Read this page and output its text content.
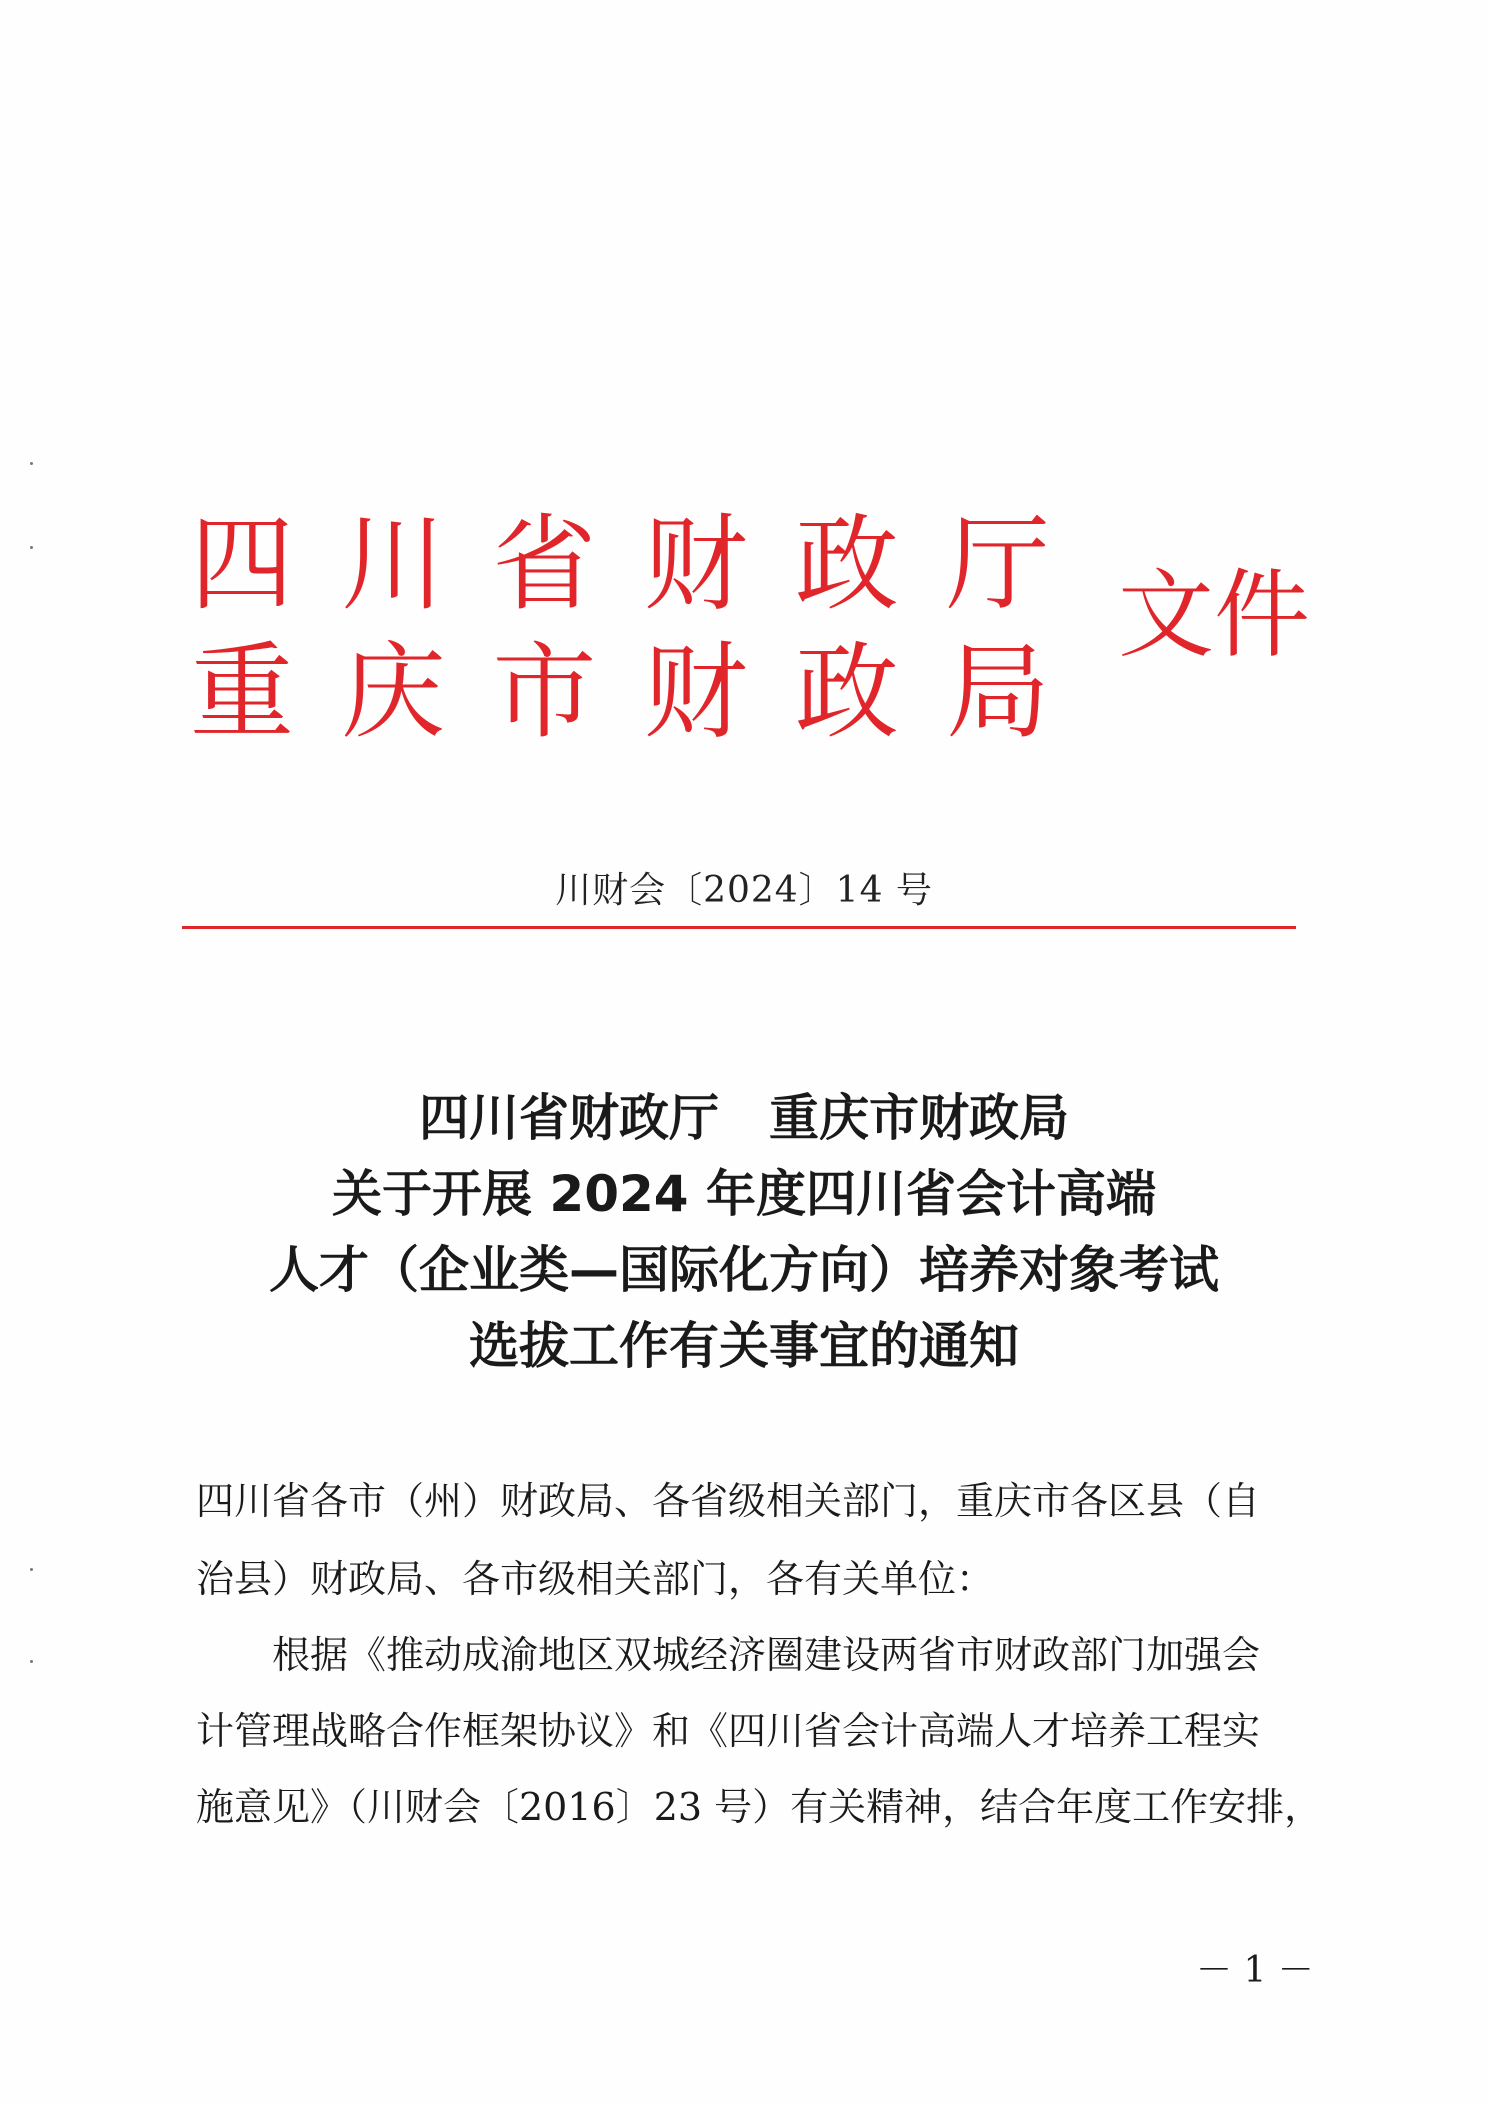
四 川 省 财 政 厅
重 庆 市 财 政 局
文件
川财会〔2024〕14 号
四川省财政厅　重庆市财政局
关于开展 2024 年度四川省会计高端
人才（企业类—国际化方向）培养对象考试
选拔工作有关事宜的通知
四川省各市（州）财政局、各省级相关部门，重庆市各区县（自
治县）财政局、各市级相关部门，各有关单位：
　　根据《推动成渝地区双城经济圈建设两省市财政部门加强会
计管理战略合作框架协议》和《四川省会计高端人才培养工程实
施意见》（川财会〔2016〕23 号）有关精神，结合年度工作安排，
－ 1 －
